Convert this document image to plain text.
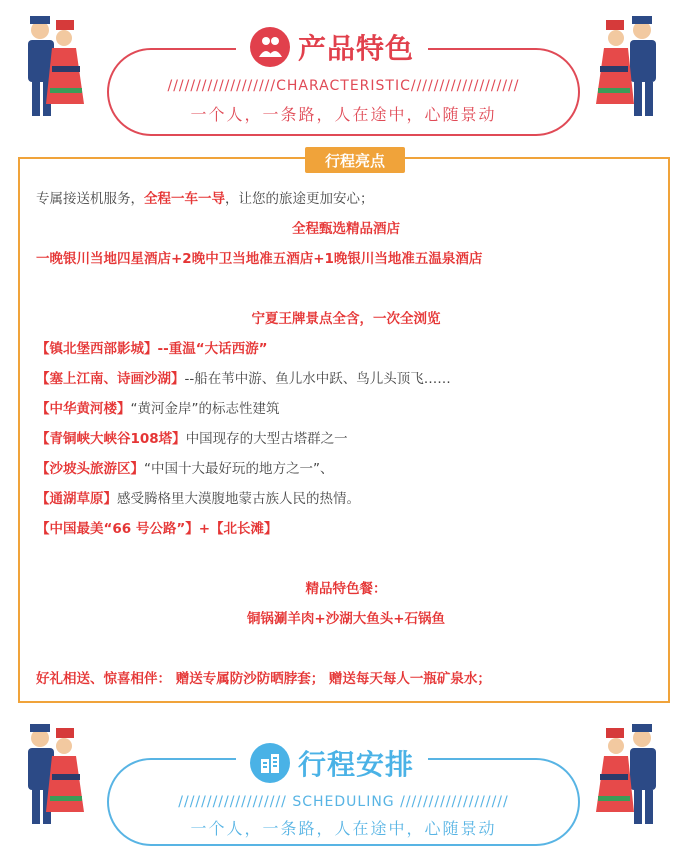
///////////////////CHARACTERISTIC///////////////////
一个人，一条路，人在途中，心随景动
产品特色
行程亮点
专属接送机服务，全程一车一导，让您的旅途更加安心；
全程甄选精品酒店
一晚银川当地四星酒店+2晚中卫当地准五酒店+1晚银川当地准五温泉酒店
宁夏王牌景点全含，一次全浏览
【镇北堡西部影城】--重温“大话西游”
【塞上江南、诗画沙湖】--船在苇中游、鱼儿水中跃、鸟儿头顶飞……
【中华黄河楼】“黄河金岸”的标志性建筑
【青铜峡大峡谷108塔】中国现存的大型古塔群之一
【沙坡头旅游区】“中国十大最好玩的地方之一”、
【通湖草原】感受腾格里大漠腹地蒙古族人民的热情。
【中国最美“66 号公路”】+【北长滩】
精品特色餐：
铜锅涮羊肉+沙湖大鱼头+石锅鱼
好礼相送、惊喜相伴： 赠送专属防沙防晒脖套； 赠送每天每人一瓶矿泉水；
/////////////////// SCHEDULING ///////////////////
一个人，一条路，人在途中，心随景动
行程安排
